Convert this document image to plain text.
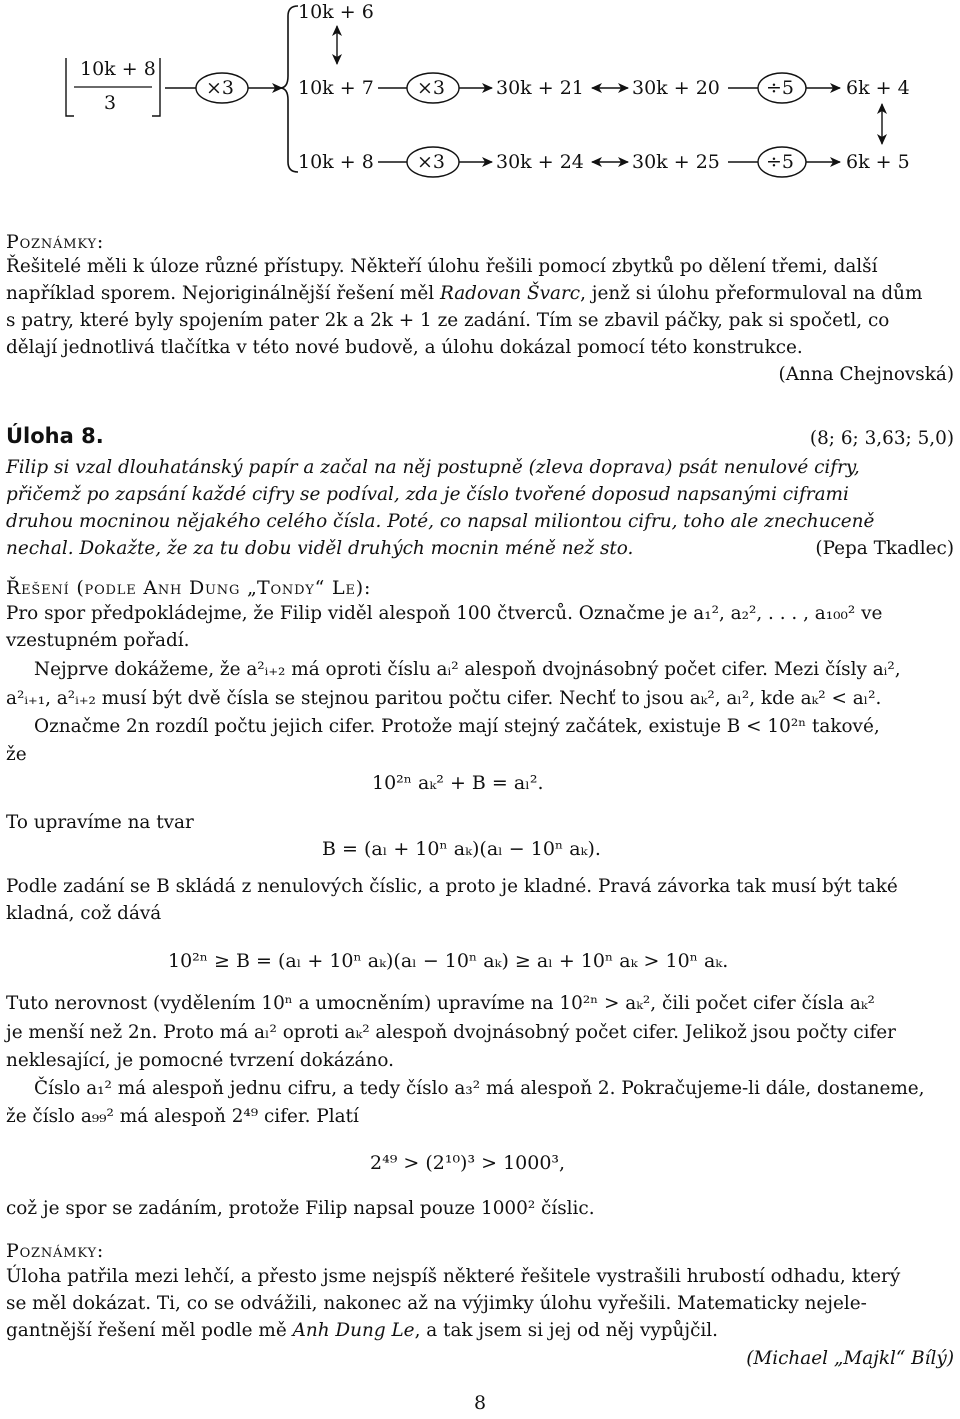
10k + 8
3
×3
10k + 6
10k + 7 ×3	30k + 21	30k + 20 ÷5	6k + 4
10k + 8 ×3	30k + 24	30k + 25 ÷5	6k + 5
Poznámky:
Řešitelé měli k úloze různé přístupy. Někteří úlohu řešili pomocí zbytků po dělení třemi, další
například sporem. Nejoriginálnější řešení měl Radovan Švarc, jenž si úlohu přeformuloval na dům
s patry, které byly spojením pater 2k a 2k + 1 ze zadání. Tím se zbavil páčky, pak si spočetl, co
dělají jednotlivá tlačítka v této nové budově, a úlohu dokázal pomocí této konstrukce.
(Anna Chejnovská)
Úloha 8.	(8; 6; 3,63; 5,0)
Filip si vzal dlouhatánský papír a začal na něj postupně (zleva doprava) psát nenulové cifry,
přičemž po zapsání každé cifry se podíval, zda je číslo tvořené doposud napsanými ciframi
druhou mocninou nějakého celého čísla. Poté, co napsal miliontou cifru, toho ale znechuceně
nechal. Dokažte, že za tu dobu viděl druhých mocnin méně než sto.	(Pepa Tkadlec)
Řešení (podle Anh Dung „Tondy“ Le):
Pro spor předpokládejme, že Filip viděl alespoň 100 čtverců. Označme je a₁², a₂², . . . , a₁₀₀² ve
vzestupném pořadí.
Nejprve dokážeme, že a²ᵢ₊₂ má oproti číslu aᵢ² alespoň dvojnásobný počet cifer. Mezi čísly aᵢ²,
a²ᵢ₊₁, a²ᵢ₊₂ musí být dvě čísla se stejnou paritou počtu cifer. Nechť to jsou aₖ², aₗ², kde aₖ² < aₗ².
Označme 2n rozdíl počtu jejich cifer. Protože mají stejný začátek, existuje B < 10²ⁿ takové,
že
10²ⁿ aₖ² + B = aₗ².
To upravíme na tvar
B = (aₗ + 10ⁿ aₖ)(aₗ − 10ⁿ aₖ).
Podle zadání se B skládá z nenulových číslic, a proto je kladné. Pravá závorka tak musí být také
kladná, což dává
10²ⁿ ≥ B = (aₗ + 10ⁿ aₖ)(aₗ − 10ⁿ aₖ) ≥ aₗ + 10ⁿ aₖ > 10ⁿ aₖ.
Tuto nerovnost (vydělením 10ⁿ a umocněním) upravíme na 10²ⁿ > aₖ², čili počet cifer čísla aₖ²
je menší než 2n. Proto má aₗ² oproti aₖ² alespoň dvojnásobný počet cifer. Jelikož jsou počty cifer
neklesající, je pomocné tvrzení dokázáno.
Číslo a₁² má alespoň jednu cifru, a tedy číslo a₃² má alespoň 2. Pokračujeme-li dále, dostaneme,
že číslo a₉₉² má alespoň 2⁴⁹ cifer. Platí
2⁴⁹ > (2¹⁰)³ > 1000³,
což je spor se zadáním, protože Filip napsal pouze 1000² číslic.
Poznámky:
Úloha patřila mezi lehčí, a přesto jsme nejspíš některé řešitele vystrašili hrubostí odhadu, který
se měl dokázat. Ti, co se odvážili, nakonec až na výjimky úlohu vyřešili. Matematicky nejele-
gantnější řešení měl podle mě Anh Dung Le, a tak jsem si jej od něj vypůjčil.
(Michael „Majkl“ Bílý)
8
